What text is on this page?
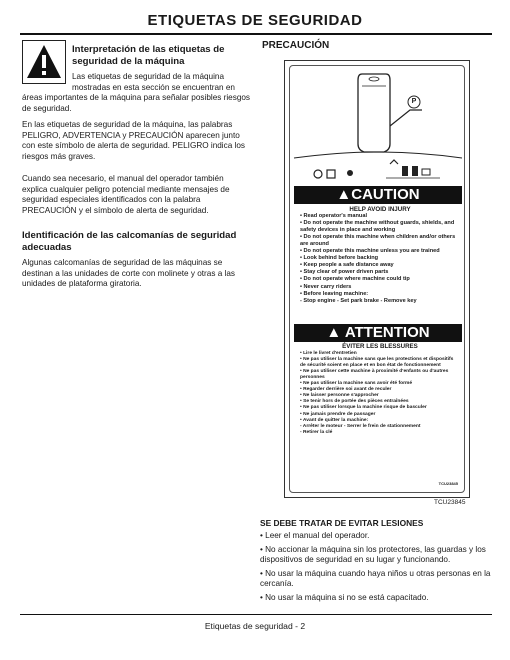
ETIQUETAS DE SEGURIDAD
Interpretación de las etiquetas de seguridad de la máquina
Las etiquetas de seguridad de la máquina mostradas en esta sección se encuentran en
áreas importantes de la máquina para señalar posibles riesgos de seguridad.
En las etiquetas de seguridad de la máquina, las palabras PELIGRO, ADVERTENCIA y PRECAUCIÓN aparecen junto con este símbolo de alerta de seguridad. PELIGRO indica los riesgos más graves.
Cuando sea necesario, el manual del operador también explica cualquier peligro potencial mediante mensajes de seguridad especiales identificados con la palabra PRECAUCIÓN y el símbolo de alerta de seguridad.
Identificación de las calcomanías de seguridad adecuadas
Algunas calcomanías de seguridad de las máquinas se destinan a las unidades de corte con molinete y otras a las unidades de plataforma giratoria.
PRECAUCIÓN
P
▲CAUTION
HELP AVOID INJURY
• Read operator's manual
• Do not operate the machine without guards, shields, and safety devices in place and working
• Do not operate this machine when children and/or others are around
• Do not operate this machine unless you are trained
• Look behind before backing
• Keep people a safe distance away
• Stay clear of power driven parts
• Do not operate where machine could tip
• Never carry riders
• Before leaving machine:
- Stop engine - Set park brake - Remove key
▲ ATTENTION
ÉVITER LES BLESSURES
• Lire le livret d'entretien
• Ne pas utiliser la machine sans que les protections et dispositifs de sécurité soient en place et en bon état de fonctionnement
• Ne pas utiliser cette machine à proximité d'enfants ou d'autres personnes
• Ne pas utiliser la machine sans avoir été formé
• Regarder derrière soi avant de reculer
• Ne laisser personne s'approcher
• Se tenir hors de portée des pièces entraînées
• Ne pas utiliser lorsque la machine risque de basculer
• Ne jamais prendre de passager
• Avant de quitter la machine:
- Arrêter le moteur - Serrer le frein de stationnement
- Retirer la clé
TCU23845
TCU23845
SE DEBE TRATAR DE EVITAR LESIONES
• Leer el manual del operador.
• No accionar la máquina sin los protectores, las guardas y los dispositivos de seguridad en su lugar y funcionando.
• No usar la máquina cuando haya niños u otras personas en la cercanía.
• No usar la máquina si no se está capacitado.
Etiquetas de seguridad - 2
